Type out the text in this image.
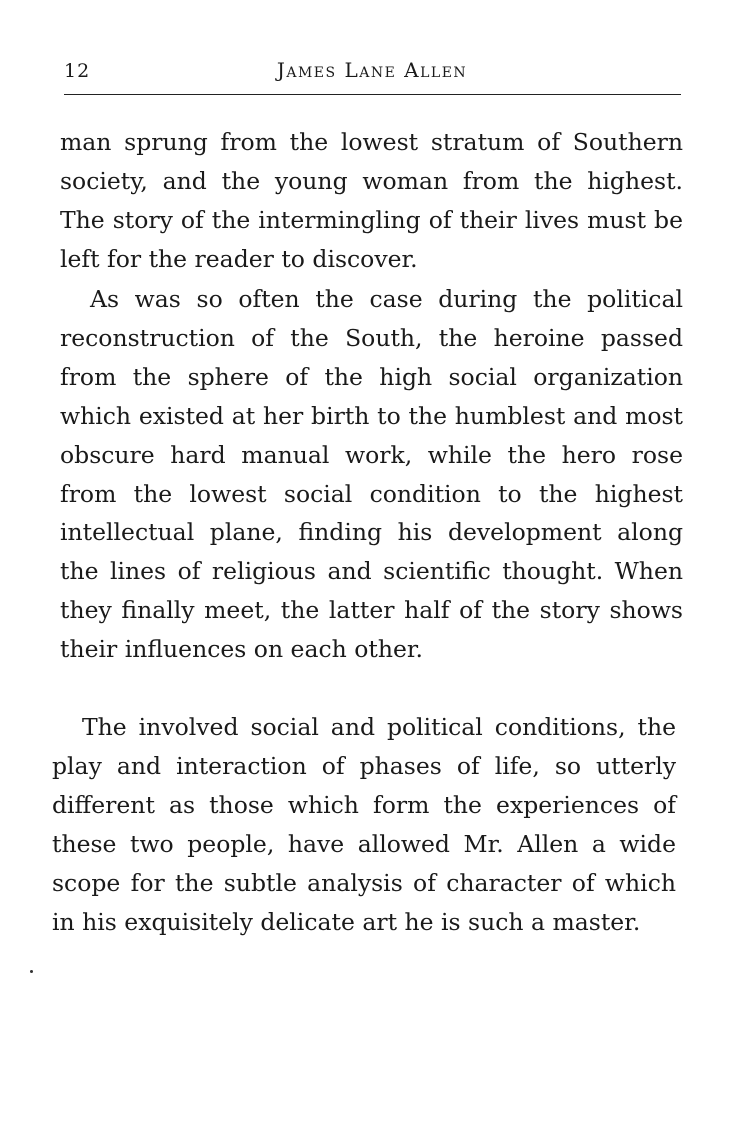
12	James Lane Allen

man sprung from the lowest stratum of Southern society, and the young woman from the highest. The story of the intermingling of their lives must be left for the reader to discover.

As was so often the case during the political reconstruction of the South, the heroine passed from the sphere of the high social organization which existed at her birth to the humblest and most obscure hard manual work, while the hero rose from the lowest social condition to the highest intellectual plane, finding his development along the lines of religious and scientific thought. When they finally meet, the latter half of the story shows their influences on each other.

The involved social and political conditions, the play and interaction of phases of life, so utterly different as those which form the experiences of these two people, have allowed Mr. Allen a wide scope for the subtle analysis of character of which in his exquisitely delicate art he is such a master.
